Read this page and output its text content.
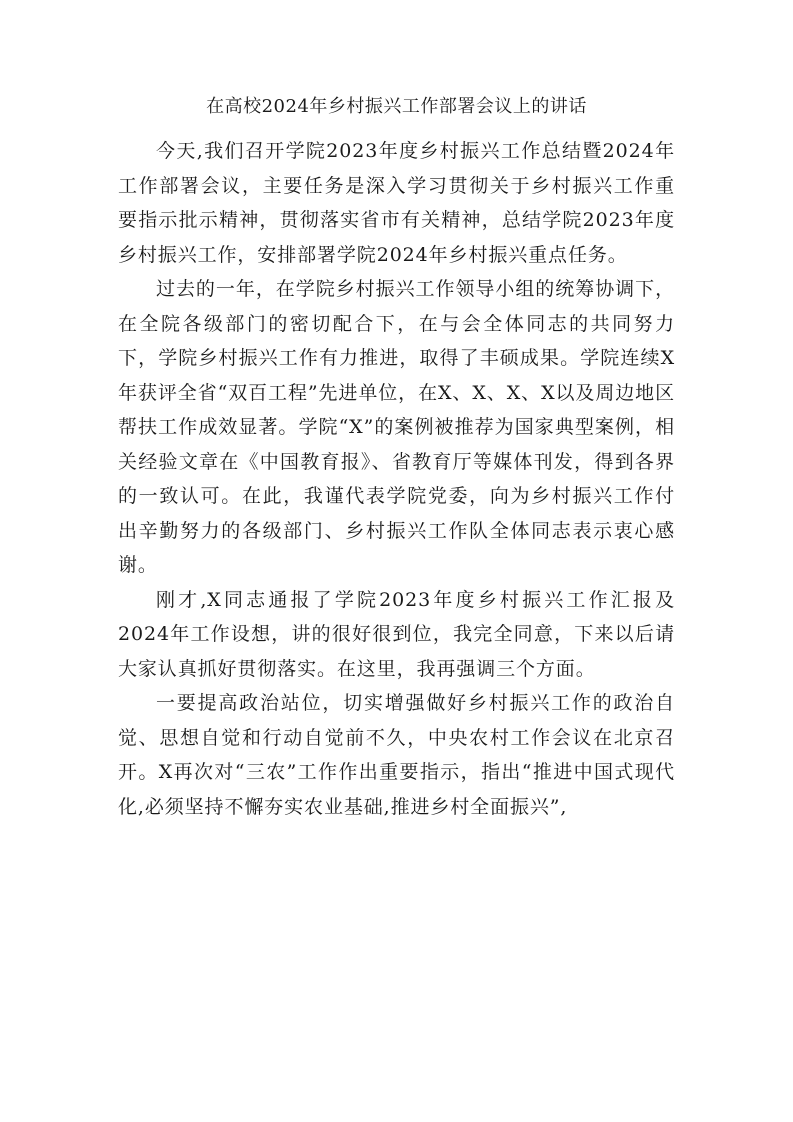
在高校2024年乡村振兴工作部署会议上的讲话

今天,我们召开学院2023年度乡村振兴工作总结暨2024年工作部署会议，主要任务是深入学习贯彻关于乡村振兴工作重要指示批示精神，贯彻落实省市有关精神，总结学院2023年度乡村振兴工作，安排部署学院2024年乡村振兴重点任务。

过去的一年，在学院乡村振兴工作领导小组的统筹协调下，在全院各级部门的密切配合下，在与会全体同志的共同努力下，学院乡村振兴工作有力推进，取得了丰硕成果。学院连续X年获评全省“双百工程”先进单位，在X、X、X、X以及周边地区帮扶工作成效显著。学院“X”的案例被推荐为国家典型案例，相关经验文章在《中国教育报》、省教育厅等媒体刊发，得到各界的一致认可。在此，我谨代表学院党委，向为乡村振兴工作付出辛勤努力的各级部门、乡村振兴工作队全体同志表示衷心感谢。

刚才,X同志通报了学院2023年度乡村振兴工作汇报及2024年工作设想，讲的很好很到位，我完全同意，下来以后请大家认真抓好贯彻落实。在这里，我再强调三个方面。

一要提高政治站位，切实增强做好乡村振兴工作的政治自觉、思想自觉和行动自觉前不久，中央农村工作会议在北京召开。X再次对“三农”工作作出重要指示，指出“推进中国式现代化,必须坚持不懈夯实农业基础,推进乡村全面振兴”,
